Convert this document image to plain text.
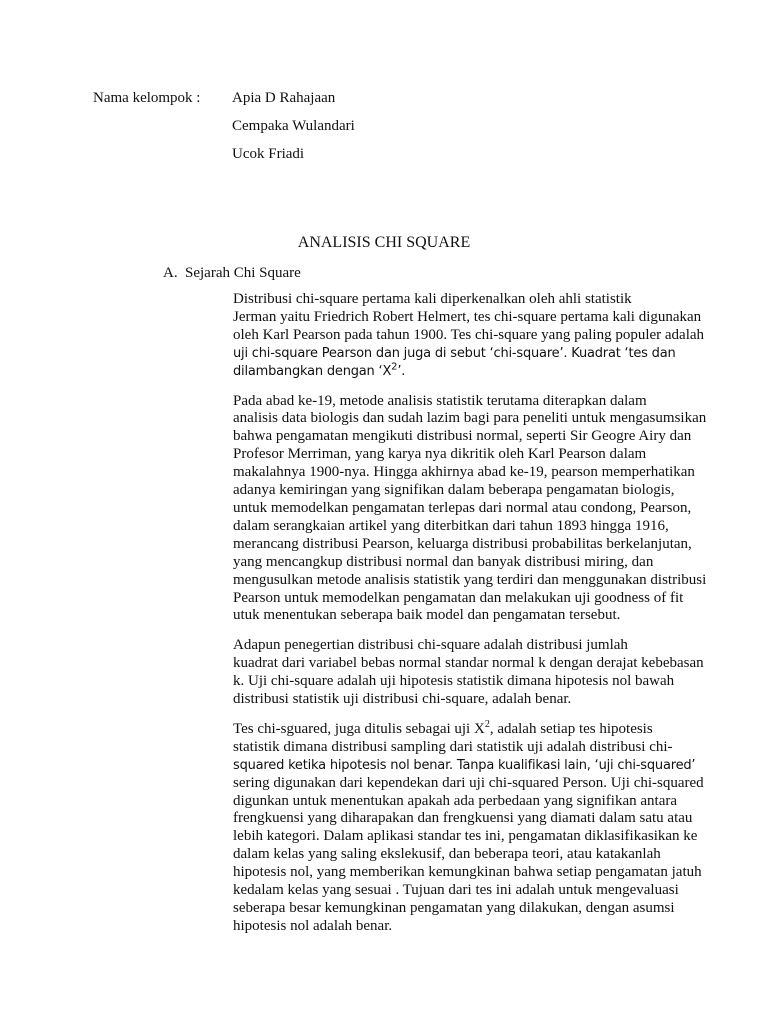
Nama kelompok : Apia D Rahajaan
Cempaka Wulandari
Ucok Friadi
ANALISIS CHI SQUARE
A. Sejarah Chi Square

Distribusi chi-square pertama kali diperkenalkan oleh ahli statistik
Jerman yaitu Friedrich Robert Helmert, tes chi-square pertama kali digunakan
oleh Karl Pearson pada tahun 1900. Tes chi-square yang paling populer adalah
uji chi-square Pearson dan juga di sebut ‘chi-square’. Kuadrat ‘tes dan
dilambangkan dengan ‘$X^2$’.

Pada abad ke-19, metode analisis statistik terutama diterapkan dalam
analisis data biologis dan sudah lazim bagi para peneliti untuk mengasumsikan
bahwa pengamatan mengikuti distribusi normal, seperti Sir Geogre Airy dan
Profesor Merriman, yang karya nya dikritik oleh Karl Pearson dalam
makalahnya 1900-nya. Hingga akhirnya abad ke-19, pearson memperhatikan
adanya kemiringan yang signifikan dalam beberapa pengamatan biologis,
untuk memodelkan pengamatan terlepas dari normal atau condong, Pearson,
dalam serangkaian artikel yang diterbitkan dari tahun 1893 hingga 1916,
merancang distribusi Pearson, keluarga distribusi probabilitas berkelanjutan,
yang mencangkup distribusi normal dan banyak distribusi miring, dan
mengusulkan metode analisis statistik yang terdiri dan menggunakan distribusi
Pearson untuk memodelkan pengamatan dan melakukan uji goodness of fit
utuk menentukan seberapa baik model dan pengamatan tersebut.

Adapun penegertian distribusi chi-square adalah distribusi jumlah
kuadrat dari variabel bebas normal standar normal k dengan derajat kebebasan
k. Uji chi-square adalah uji hipotesis statistik dimana hipotesis nol bawah
distribusi statistik uji distribusi chi-square, adalah benar.

Tes chi-sguared, juga ditulis sebagai uji $X^2$, adalah setiap tes hipotesis
statistik dimana distribusi sampling dari statistik uji adalah distribusi chi-
squared ketika hipotesis nol benar. Tanpa kualifikasi lain, ‘uji chi-squared’
sering digunakan dari kependekan dari uji chi-squared Person. Uji chi-squared
digunkan untuk menentukan apakah ada perbedaan yang signifikan antara
frengkuensi yang diharapakan dan frengkuensi yang diamati dalam satu atau
lebih kategori. Dalam aplikasi standar tes ini, pengamatan diklasifikasikan ke
dalam kelas yang saling ekslekusif, dan beberapa teori, atau katakanlah
hipotesis nol, yang memberikan kemungkinan bahwa setiap pengamatan jatuh
kedalam kelas yang sesuai . Tujuan dari tes ini adalah untuk mengevaluasi
seberapa besar kemungkinan pengamatan yang dilakukan, dengan asumsi
hipotesis nol adalah benar.
